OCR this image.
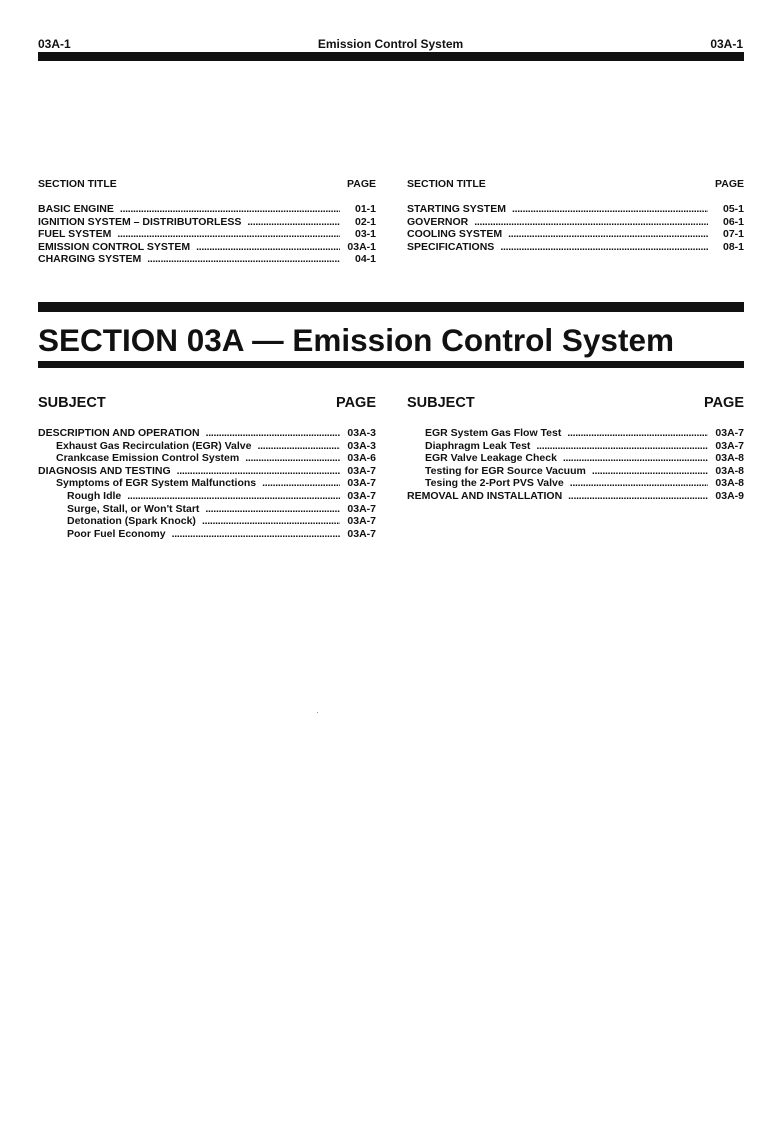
03A-1	Emission Control System	03A-1
SECTION TITLE	PAGE
BASIC ENGINE . . .	01-1
IGNITION SYSTEM – DISTRIBUTORLESS . . .	02-1
FUEL SYSTEM . . .	03-1
EMISSION CONTROL SYSTEM . . .	03A-1
CHARGING SYSTEM . . .	04-1
SECTION TITLE	PAGE
STARTING SYSTEM . . .	05-1
GOVERNOR . . .	06-1
COOLING SYSTEM . . .	07-1
SPECIFICATIONS . . .	08-1
SECTION 03A — Emission Control System
SUBJECT	PAGE
DESCRIPTION AND OPERATION . . .	03A-3
Exhaust Gas Recirculation (EGR) Valve . . .	03A-3
Crankcase Emission Control System . . .	03A-6
DIAGNOSIS AND TESTING . . .	03A-7
Symptoms of EGR System Malfunctions . . .	03A-7
Rough Idle . . .	03A-7
Surge, Stall, or Won't Start . . .	03A-7
Detonation (Spark Knock) . . .	03A-7
Poor Fuel Economy . . .	03A-7
SUBJECT	PAGE
EGR System Gas Flow Test . . .	03A-7
Diaphragm Leak Test . . .	03A-7
EGR Valve Leakage Check . . .	03A-8
Testing for EGR Source Vacuum . . .	03A-8
Tesing the 2-Port PVS Valve . . .	03A-8
REMOVAL AND INSTALLATION . . .	03A-9
